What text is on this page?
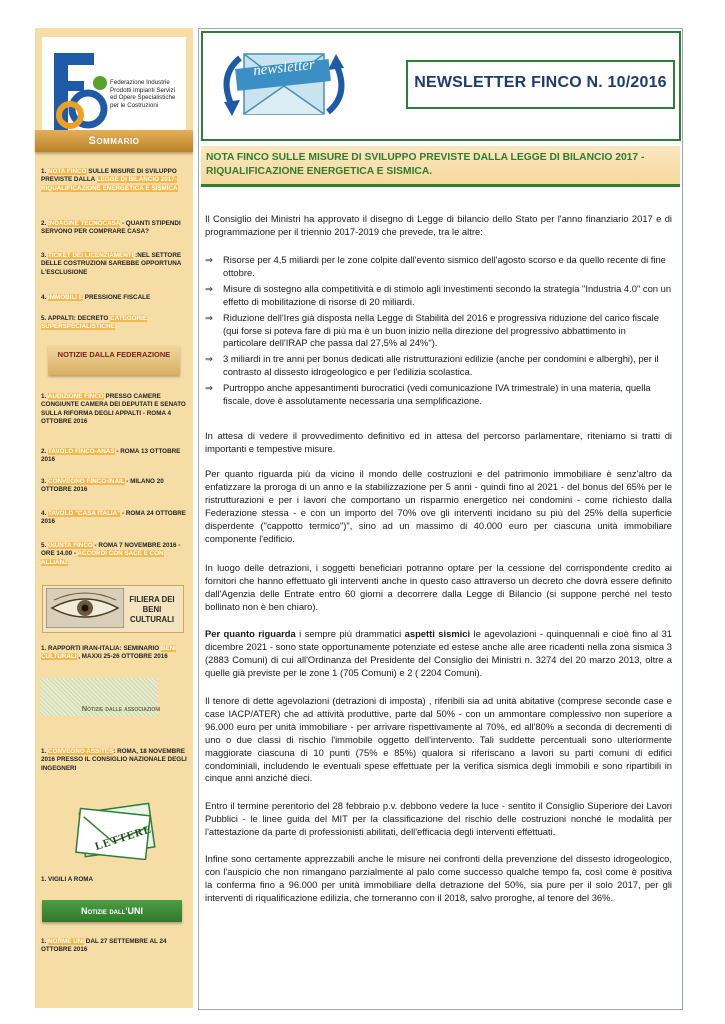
Federazione Industrie
Prodotti Impianti Servizi
ed Opere Specialistiche
per le Costruzioni
Sommario
1. NOTA FINCO SULLE MISURE DI SVILUPPO PREVISTE DALLA LEGGE DI BILANCIO 2017- RIQUALIFICAZIONE ENERGETICA E SISMICA
2. INDAGINE TECNOCASA - QUANTI STIPENDI SERVONO PER COMPRARE CASA?
3. TICKET DEI LICENZIAMENTI :NEL SETTORE DELLE COSTRUZIONI SAREBBE OPPORTUNA L'ESCLUSIONE
4. IMMOBILI E PRESSIONE FISCALE
5. APPALTI: DECRETO CATEGORIE SUPERSPECIALISTICHE
NOTIZIE DALLA FEDERAZIONE
1. AUDIZIONE FINCO PRESSO CAMERE CONGIUNTE CAMERA DEI DEPUTATI E SENATO SULLA RIFORMA DEGLI APPALTI - ROMA 4 OTTOBRE 2016
2. TAVOLO FINCO-ANAS - ROMA 13 OTTOBRE 2016
3. CONVEGNO FINCO-INAIL - MILANO 20 OTTOBRE 2016
4. TAVOLO "CASA ITALIA" - ROMA 24 OTTOBRE 2016
5. GIUNTA FINCO - ROMA 7 NOVEMBRE 2016 - ORE 14.00 - ACCORDI CON SACE E CON ALLIANZ
FILIERA DEI BENI CULTURALI
1. RAPPORTI IRAN-ITALIA: SEMINARIO BENI CULTURALI , MAXXI 25-26 OTTOBRE 2016
Notizie dalle associazioni
1. CONVEGNO ASSITES: ROMA, 18 NOVEMBRE 2016 PRESSO IL CONSIGLIO NAZIONALE DEGLI INGEGNERI
LETTERE
1. VIGILI A ROMA
Notizie dall'UNI
1. NORME UNI DAL 27 SETTEMBRE AL 24 OTTOBRE 2016
newsletter
NEWSLETTER FINCO N. 10/2016
NOTA FINCO SULLE MISURE DI SVILUPPO PREVISTE DALLA LEGGE DI BILANCIO 2017 - RIQUALIFICAZIONE ENERGETICA E SISMICA.
Il Consiglio dei Ministri ha approvato il disegno di Legge di bilancio dello Stato per l'anno finanziario 2017 e di programmazione per il triennio 2017-2019 che prevede, tra le altre:
⇒	Risorse per 4,5 miliardi per le zone colpite dall'evento sismico dell'agosto scorso e da quello recente di fine ottobre.
⇒	Misure di sostegno alla competitività e di stimolo agli investimenti secondo la strategia "Industria 4.0" con un effetto di mobilitazione di risorse di 20 miliardi.
⇒	Riduzione dell'Ires già disposta nella Legge di Stabilità del 2016 e progressiva riduzione del carico fiscale (qui forse si poteva fare di più ma è un buon inizio nella direzione del progressivo abbattimento in particolare dell'IRAP che passa dal 27,5% al 24%").
⇒	3 miliardi in tre anni per bonus dedicati alle ristrutturazioni edilizie (anche per condomini e alberghi), per il contrasto al dissesto idrogeologico e per l'edilizia scolastica.
⇒	Purtroppo anche appesantimenti burocratici (vedi comunicazione IVA trimestrale) in una materia, quella fiscale, dove è assolutamente necessaria una semplificazione.
In attesa di vedere il provvedimento definitivo ed in attesa del percorso parlamentare, riteniamo si tratti di importanti e tempestive misure.
Per quanto riguarda più da vicino il mondo delle costruzioni e del patrimonio immobiliare è senz'altro da enfatizzare la proroga di un anno e la stabilizzazione per 5 anni - quindi fino al 2021 - del bonus del 65% per le ristrutturazioni e per i lavori che comportano un risparmio energetico nei condomini - come richiesto dalla Federazione stessa - e con un importo del 70% ove gli interventi incidano su più del 25% della superficie disperdente ("cappotto termico")", sino ad un massimo di 40.000 euro per ciascuna unità immobiliare componente l'edificio.
In luogo delle detrazioni, i soggetti beneficiari potranno optare per la cessione del corrispondente credito ai fornitori che hanno effettuato gli interventi anche in questo caso attraverso un decreto che dovrà essere definito dall'Agenzia delle Entrate entro 60 giorni a decorrere dalla Legge di Bilancio (si suppone perché nel testo bollinato non è ben chiaro).
Per quanto riguarda i sempre più drammatici aspetti sismici le agevolazioni - quinquennali e cioè fino al 31 dicembre 2021 - sono state opportunamente potenziate ed estese anche alle aree ricadenti nella zona sismica 3 (2883 Comuni) di cui all'Ordinanza del Presidente del Consiglio dei Ministri n. 3274 del 20 marzo 2013, oltre a quelle già previste per le zone 1 (705 Comuni) e 2 ( 2204 Comuni).
Il tenore di dette agevolazioni (detrazioni di imposta) , riferibili sia ad unità abitative (comprese seconde case e case IACP/ATER) che ad attività produttive, parte dal 50% - con un ammontare complessivo non superiore a 96.000 euro per unità immobiliare - per arrivare rispettivamente al 70%, ed all'80% a seconda di decrementi di uno o due classi di rischio l'immobile oggetto dell'intervento. Tali suddette percentuali sono ulteriormente maggiorate ciascuna di 10 punti (75% e 85%) qualora si riferiscano a lavori su parti comuni di edifici condominiali, includendo le eventuali spese effettuate per la verifica sismica degli immobili e sono ripartibili in cinque anni anziché dieci.
Entro il termine perentorio del 28 febbraio p.v. debbono vedere la luce - sentito il Consiglio Superiore dei Lavori Pubblici - le linee guida del MIT per la classificazione del rischio delle costruzioni nonché le modalità per l'attestazione da parte di professionisti abilitati, dell'efficacia degli interventi effettuati.
Infine sono certamente apprezzabili anche le misure nei confronti della prevenzione del dissesto idrogeologico, con l'auspicio che non rimangano parzialmente al palo come successo qualche tempo fa, così come è positiva la conferma fino a 96.000 per unità immobiliare della detrazione del 50%, sia pure per il solo 2017, per gli interventi di riqualificazione edilizia, che torneranno con il 2018, salvo proroghe, al tenore del 36%.
